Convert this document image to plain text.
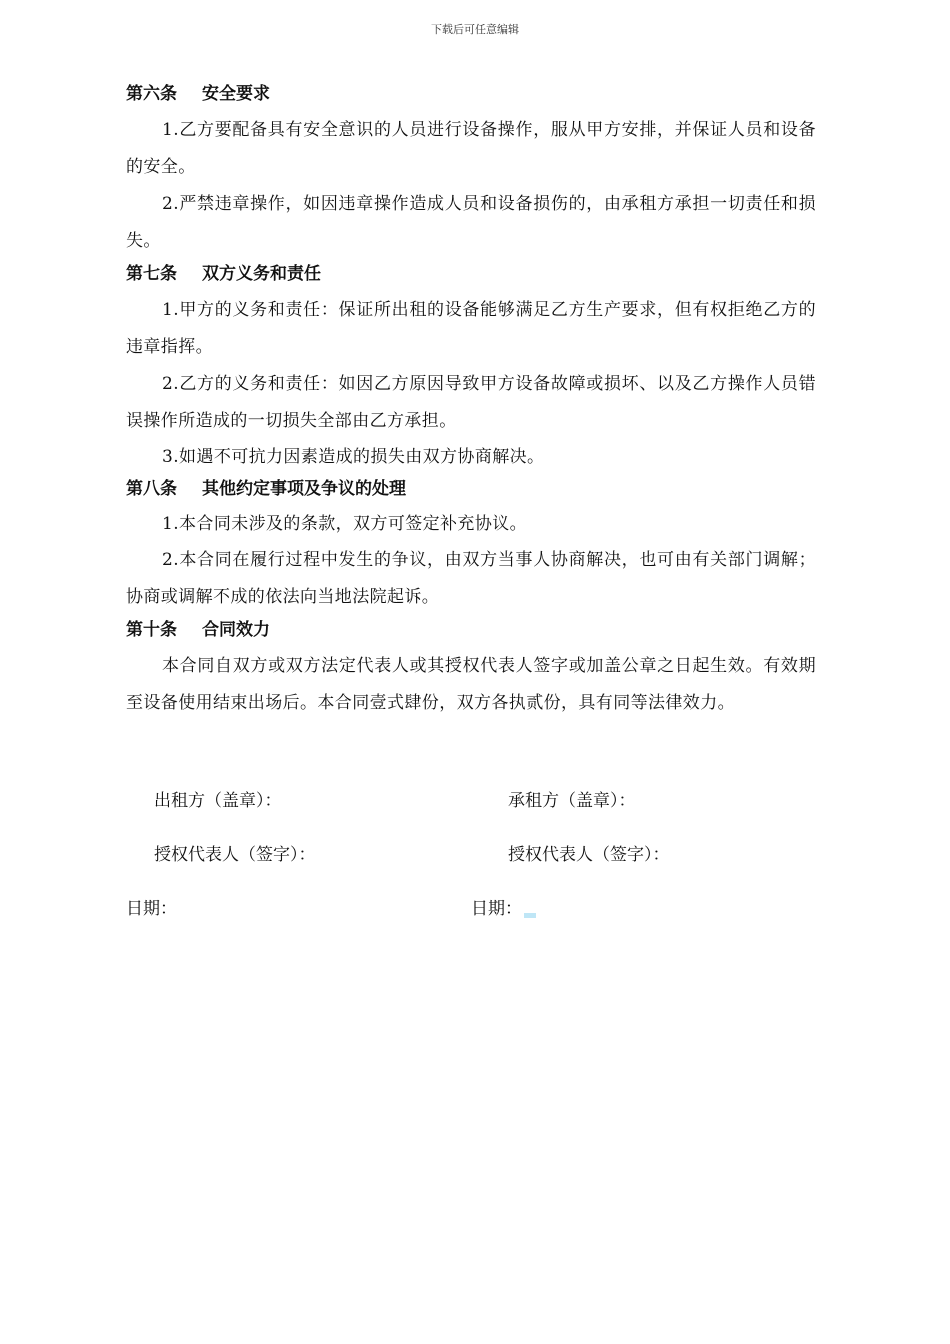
下载后可任意编辑
第六条 安全要求

1.乙方要配备具有安全意识的人员进行设备操作，服从甲方安排，并保证人员和设备的安全。

2.严禁违章操作，如因违章操作造成人员和设备损伤的，由承租方承担一切责任和损失。

第七条 双方义务和责任

1.甲方的义务和责任：保证所出租的设备能够满足乙方生产要求，但有权拒绝乙方的违章指挥。

2.乙方的义务和责任：如因乙方原因导致甲方设备故障或损坏、以及乙方操作人员错误操作所造成的一切损失全部由乙方承担。

3.如遇不可抗力因素造成的损失由双方协商解决。

第八条 其他约定事项及争议的处理

1.本合同未涉及的条款，双方可签定补充协议。

2.本合同在履行过程中发生的争议，由双方当事人协商解决，也可由有关部门调解；协商或调解不成的依法向当地法院起诉。

第十条 合同效力

本合同自双方或双方法定代表人或其授权代表人签字或加盖公章之日起生效。有效期至设备使用结束出场后。本合同壹式肆份，双方各执贰份，具有同等法律效力。

出租方（盖章）：	承租方（盖章）：
授权代表人（签字）：	授权代表人（签字）：
日期：	日期：
